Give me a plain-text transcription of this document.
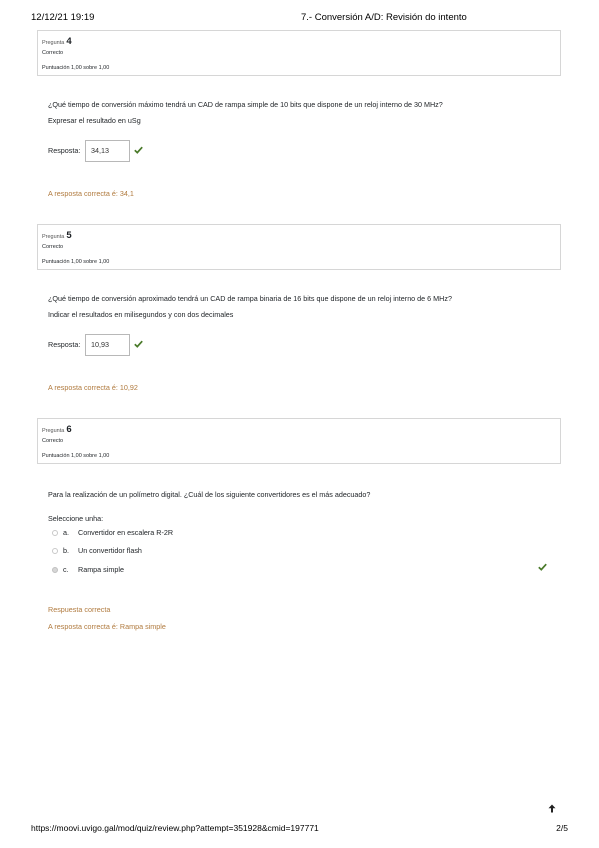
12/12/21 19:19	7.- Conversión A/D: Revisión do intento
Pregunta 4
Correcto
Puntuación 1,00 sobre 1,00
¿Qué tiempo de conversión máximo tendrá un CAD de rampa simple de 10 bits que dispone de un reloj interno de 30 MHz?
Expresar el resultado en uSg
Resposta:	34,13
A resposta correcta é: 34,1
Pregunta 5
Correcto
Puntuación 1,00 sobre 1,00
¿Qué tiempo de conversión aproximado tendrá un CAD de rampa binaria de 16 bits que dispone de un reloj interno de 6 MHz?
Indicar el resultados en milisegundos y con dos decimales
Resposta:	10,93
A resposta correcta é: 10,92
Pregunta 6
Correcto
Puntuación 1,00 sobre 1,00
Para la realización de un polímetro digital. ¿Cuál de los siguiente convertidores es el más adecuado?
Seleccione unha:
a. Convertidor en escalera R-2R
b. Un convertidor flash
c. Rampa simple
Respuesta correcta
A resposta correcta é: Rampa simple
https://moovi.uvigo.gal/mod/quiz/review.php?attempt=351928&cmid=197771	2/5
